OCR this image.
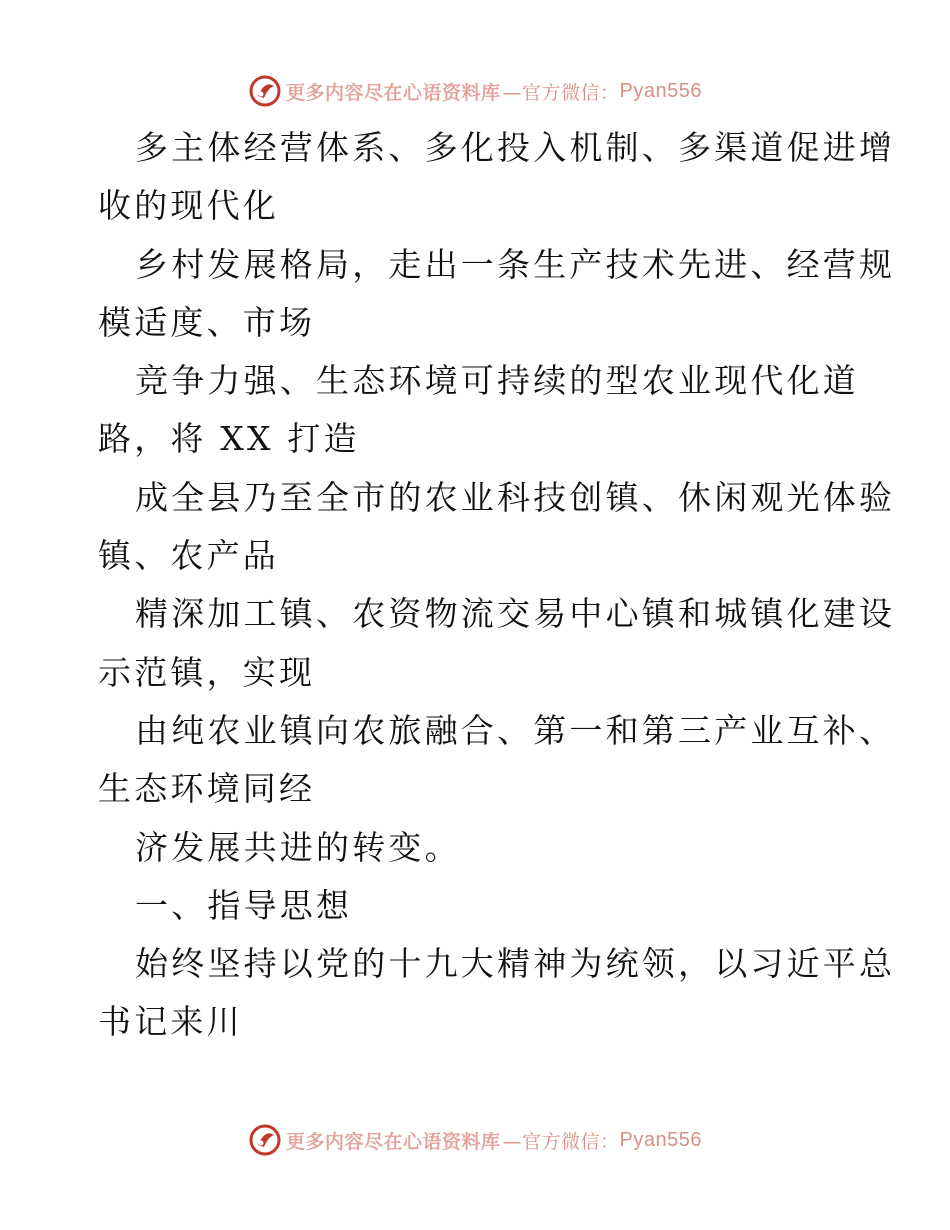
更多内容尽在心语资料库 —官方微信： Pyan556
多主体经营体系、多化投入机制、多渠道促进增
收的现代化
乡村发展格局，走出一条生产技术先进、经营规
模适度、市场
竞争力强、生态环境可持续的型农业现代化道
路，将 XX 打造
成全县乃至全市的农业科技创镇、休闲观光体验
镇、农产品
精深加工镇、农资物流交易中心镇和城镇化建设
示范镇，实现
由纯农业镇向农旅融合、第一和第三产业互补、
生态环境同经
济发展共进的转变。
一、指导思想
始终坚持以党的十九大精神为统领，以习近平总
书记来川
更多内容尽在心语资料库 —官方微信： Pyan556
